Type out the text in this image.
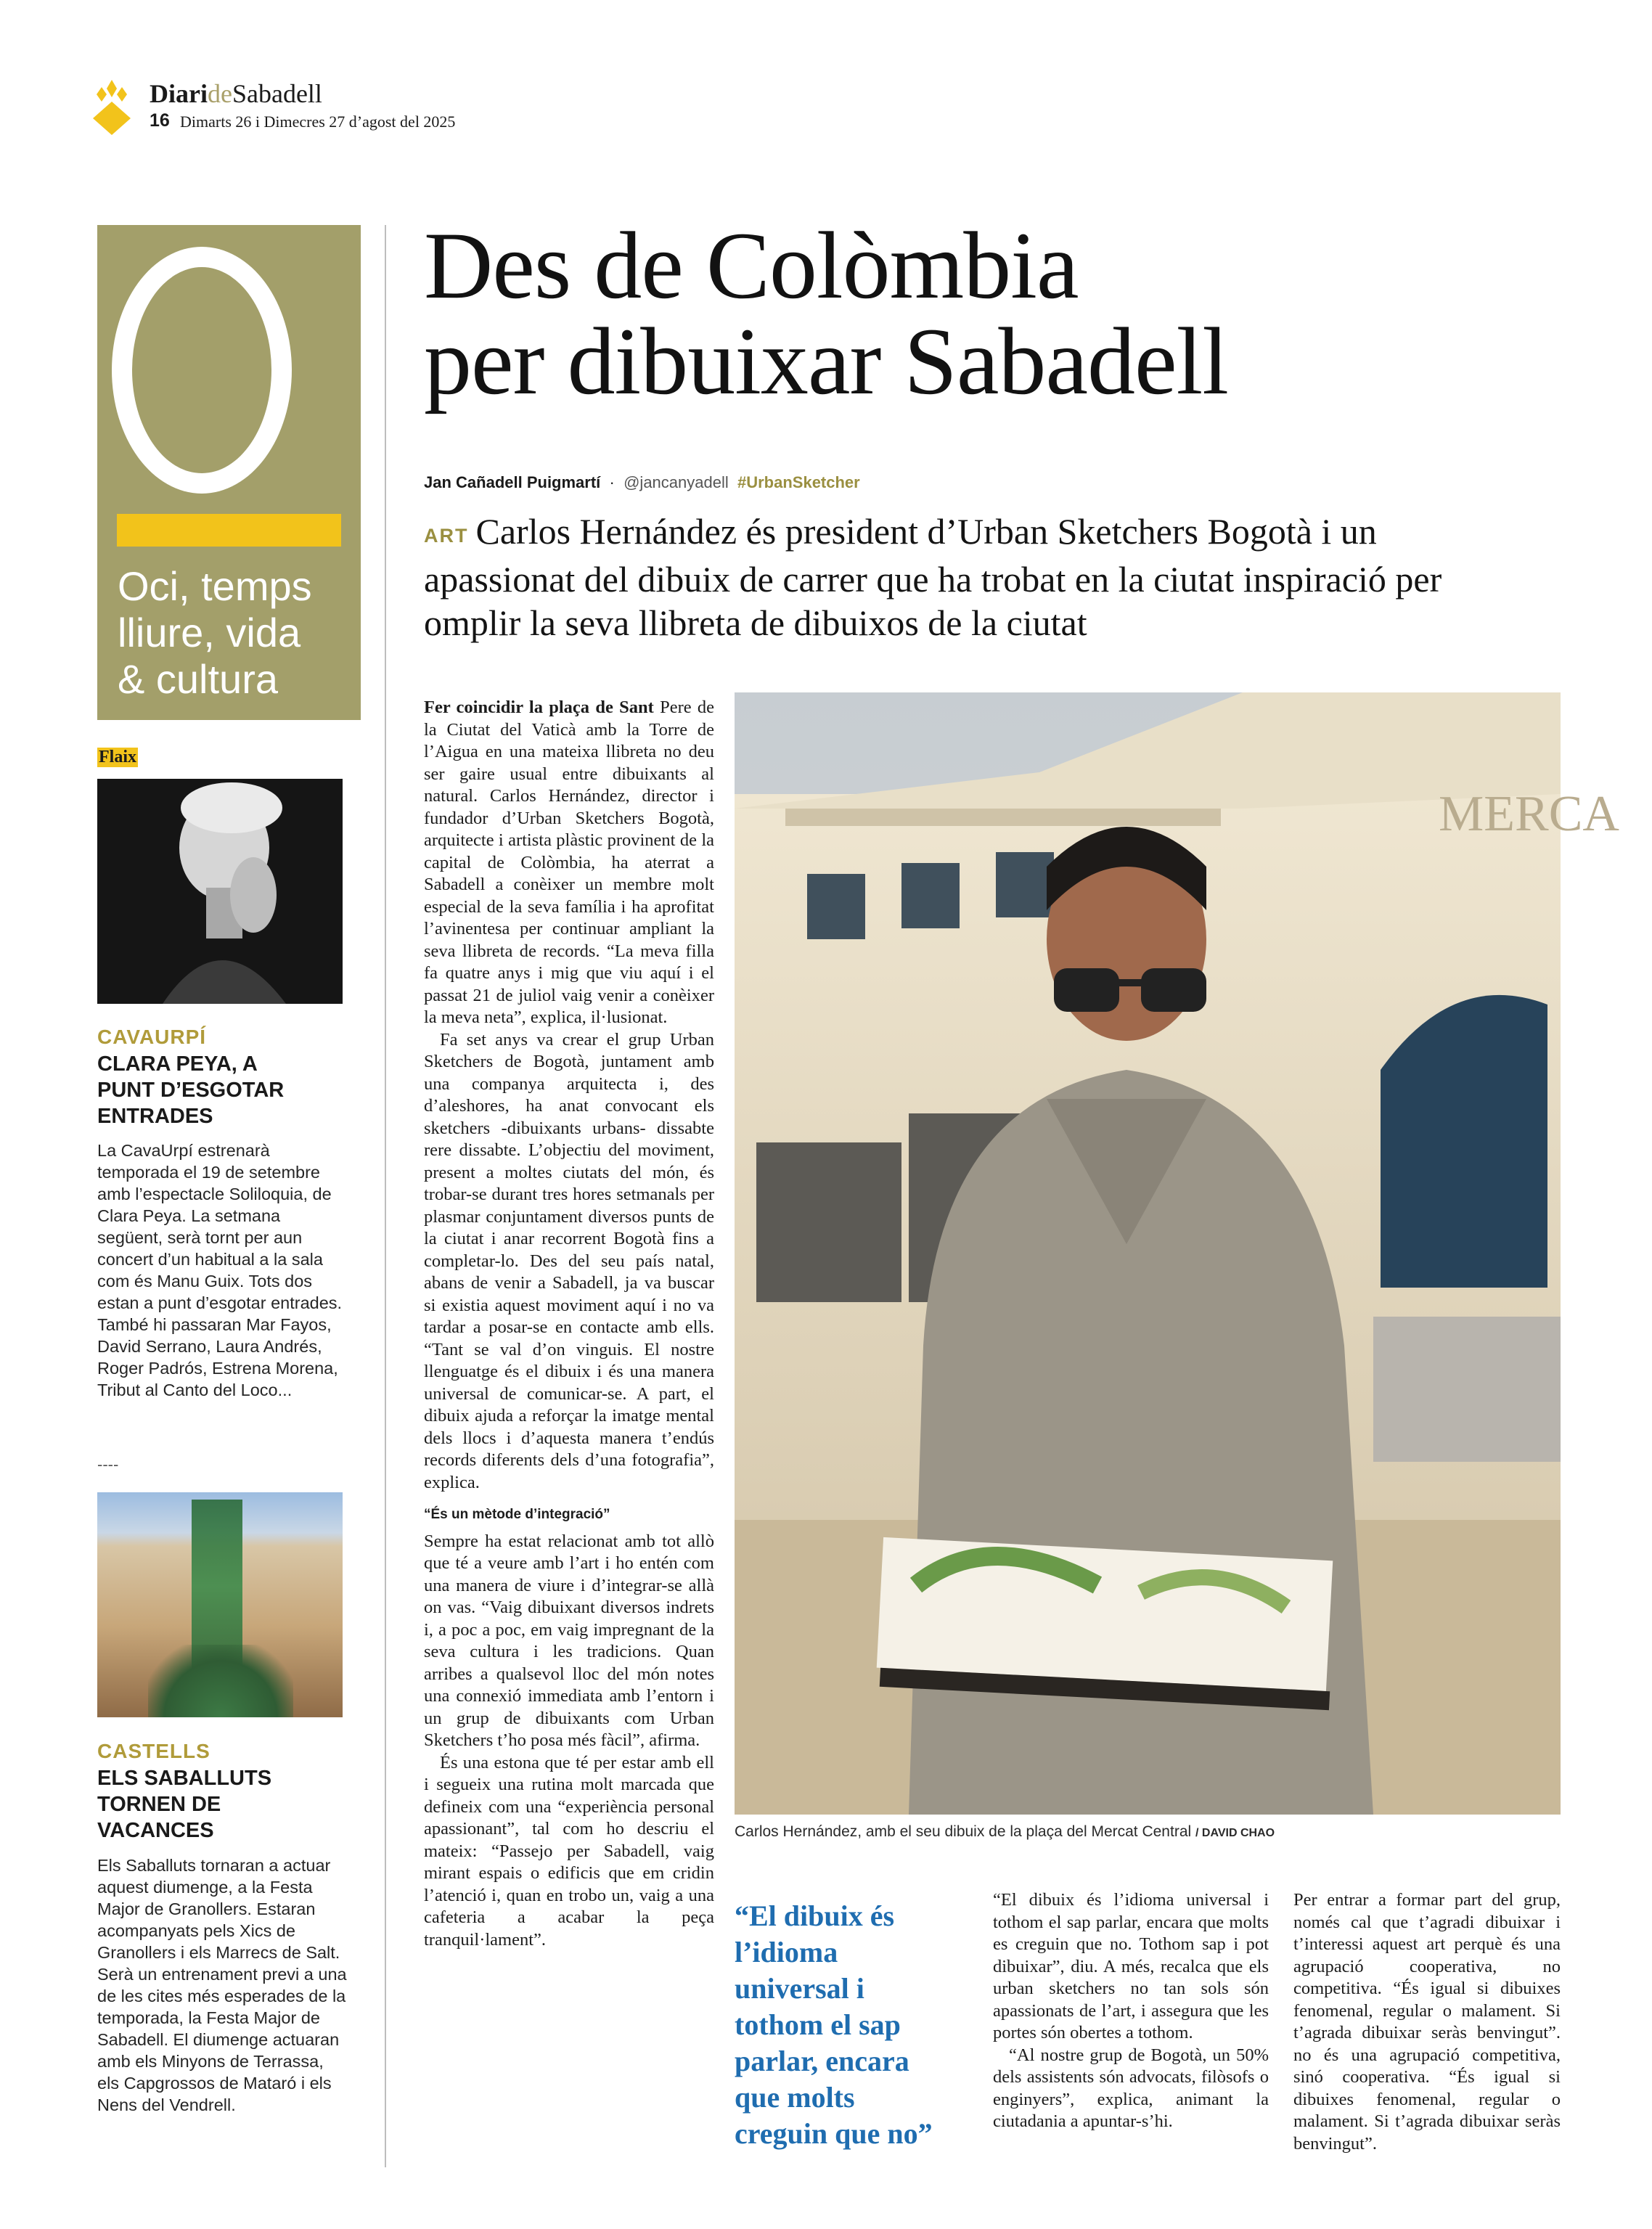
DiarideSabadell
16 Dimarts 26 i Dimecres 27 d’agost del 2025
Oci, temps
lliure, vida
& cultura
Flaix
CAVAURPÍ
CLARA PEYA, A
PUNT D’ESGOTAR
ENTRADES
La CavaUrpí estrenarà temporada el 19 de setembre amb l’espectacle Soliloquia, de Clara Peya. La setmana següent, serà tornt per aun concert d’un habitual a la sala com és Manu Guix. Tots dos estan a punt d’esgotar entrades. També hi passaran Mar Fayos, David Serrano, Laura Andrés, Roger Padrós, Estrena Morena, Tribut al Canto del Loco...
----
CASTELLS
ELS SABALLUTS
TORNEN DE
VACANCES
Els Saballuts tornaran a actuar aquest diumenge, a la Festa Major de Granollers. Estaran acompanyats pels Xics de Granollers i els Marrecs de Salt. Serà un entrenament previ a una de les cites més esperades de la temporada, la Festa Major de Sabadell. El diumenge actuaran amb els Minyons de Terrassa, els Capgrossos de Mataró i els Nens del Vendrell.
Des de Colòmbia
per dibuixar Sabadell
Jan Cañadell Puigmartí · @jancanyadell #UrbanSketcher
ART Carlos Hernández és president d’Urban Sketchers Bogotà i un apassionat del dibuix de carrer que ha trobat en la ciutat inspiració per omplir la seva llibreta de dibuixos de la ciutat

Fer coincidir la plaça de Sant Pere de la Ciutat del Vaticà amb la Torre de l’Aigua en una mateixa llibreta no deu ser gaire usual entre dibuixants al natural. Carlos Hernández, director i fundador d’Urban Sketchers Bogotà, arquitecte i artista plàstic provinent de la capital de Colòmbia, ha aterrat a Sabadell a conèixer un membre molt especial de la seva família i ha aprofitat l’avinentesa per continuar ampliant la seva llibreta de records. “La meva filla fa quatre anys i mig que viu aquí i el passat 21 de juliol vaig venir a conèixer la meva neta”, explica, il·lusionat.

Fa set anys va crear el grup Urban Sketchers de Bogotà, juntament amb una companya arquitecta i, des d’aleshores, ha anat convocant els sketchers -dibuixants urbans- dissabte rere dissabte. L’objectiu del moviment, present a moltes ciutats del món, és trobar-se durant tres hores setmanals per plasmar conjuntament diversos punts de la ciutat i anar recorrent Bogotà fins a completar-lo. Des del seu país natal, abans de venir a Sabadell, ja va buscar si existia aquest moviment aquí i no va tardar a posar-se en contacte amb ells. “Tant se val d’on vinguis. El nostre llenguatge és el dibuix i és una manera universal de comunicar-se. A part, el dibuix ajuda a reforçar la imatge mental dels llocs i d’aquesta manera t’endús records diferents dels d’una fotografia”, explica.

“És un mètode d’integració”

Sempre ha estat relacionat amb tot allò que té a veure amb l’art i ho entén com una manera de viure i d’integrar-se allà on vas. “Vaig dibuixant diversos indrets i, a poc a poc, em vaig impregnant de la seva cultura i les tradicions. Quan arribes a qualsevol lloc del món notes una connexió immediata amb l’entorn i un grup de dibuixants com Urban Sketchers t’ho posa més fàcil”, afirma.

És una estona que té per estar amb ell i segueix una rutina molt marcada que defineix com una “experiència personal apassionant”, tal com ho descriu el mateix: “Passejo per Sabadell, vaig mirant espais o edificis que em cridin l’atenció i, quan en trobo un, vaig a una cafeteria a acabar la peça tranquil·lament”.

MERCA
Carlos Hernández, amb el seu dibuix de la plaça del Mercat Central / DAVID CHAO
“El dibuix és l’idioma universal i tothom el sap parlar, encara que molts creguin que no”

“El dibuix és l’idioma universal i tothom el sap parlar, encara que molts es creguin que no. Tothom sap i pot dibuixar”, diu. A més, recalca que els urban sketchers no tan sols són apassionats de l’art, i assegura que les portes són obertes a tothom.

“Al nostre grup de Bogotà, un 50% dels assistents són advocats, filòsofs o enginyers”, explica, animant la ciutadania a apuntar-s’hi.

Per entrar a formar part del grup, només cal que t’agradi dibuixar i t’interessi aquest art perquè és una agrupació cooperativa, no competitiva. “És igual si dibuixes fenomenal, regular o malament. Si t’agrada dibuixar seràs benvingut”. no és una agrupació competitiva, sinó cooperativa. “És igual si dibuixes fenomenal, regular o malament. Si t’agrada dibuixar seràs benvingut”.
